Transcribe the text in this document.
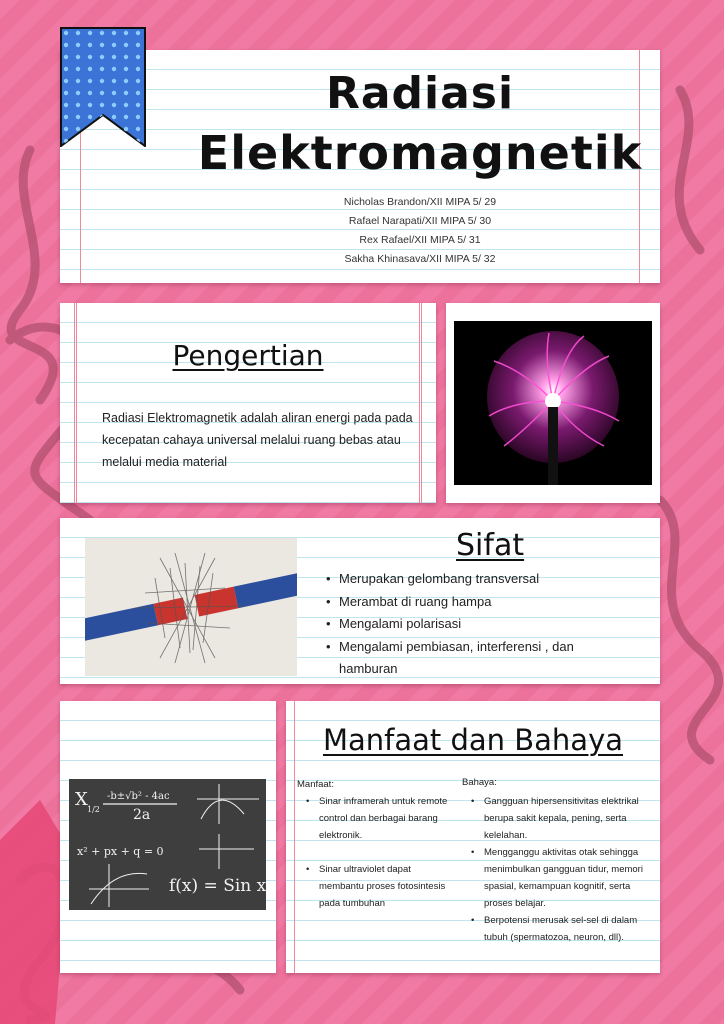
Radiasi
Elektromagnetik
Nicholas Brandon/XII MIPA 5/ 29
Rafael Narapati/XII MIPA 5/ 30
Rex Rafael/XII MIPA 5/ 31
Sakha Khinasava/XII MIPA 5/ 32
Pengertian

Radiasi Elektromagnetik adalah aliran energi pada pada kecepatan cahaya universal melalui ruang bebas atau melalui media material

Sifat
• Merupakan gelombang transversal
• Merambat di ruang hampa
• Mengalami polarisasi
• Mengalami pembiasan, interferensi , dan hamburan
X 1/2
-b±√b² - 4ac
2a
x² + px + q = 0
f(x) = Sin x
Manfaat dan Bahaya
Manfaat:	Bahaya:
• Sinar inframerah untuk remote control dan berbagai barang elektronik.
• Sinar ultraviolet dapat membantu proses fotosintesis pada tumbuhan
• Gangguan hipersensitivitas elektrikal berupa sakit kepala, pening, serta kelelahan.
• Mengganggu aktivitas otak sehingga menimbulkan gangguan tidur, memori spasial, kemampuan kognitif, serta proses belajar.
• Berpotensi merusak sel-sel di dalam tubuh (spermatozoa, neuron, dll).
